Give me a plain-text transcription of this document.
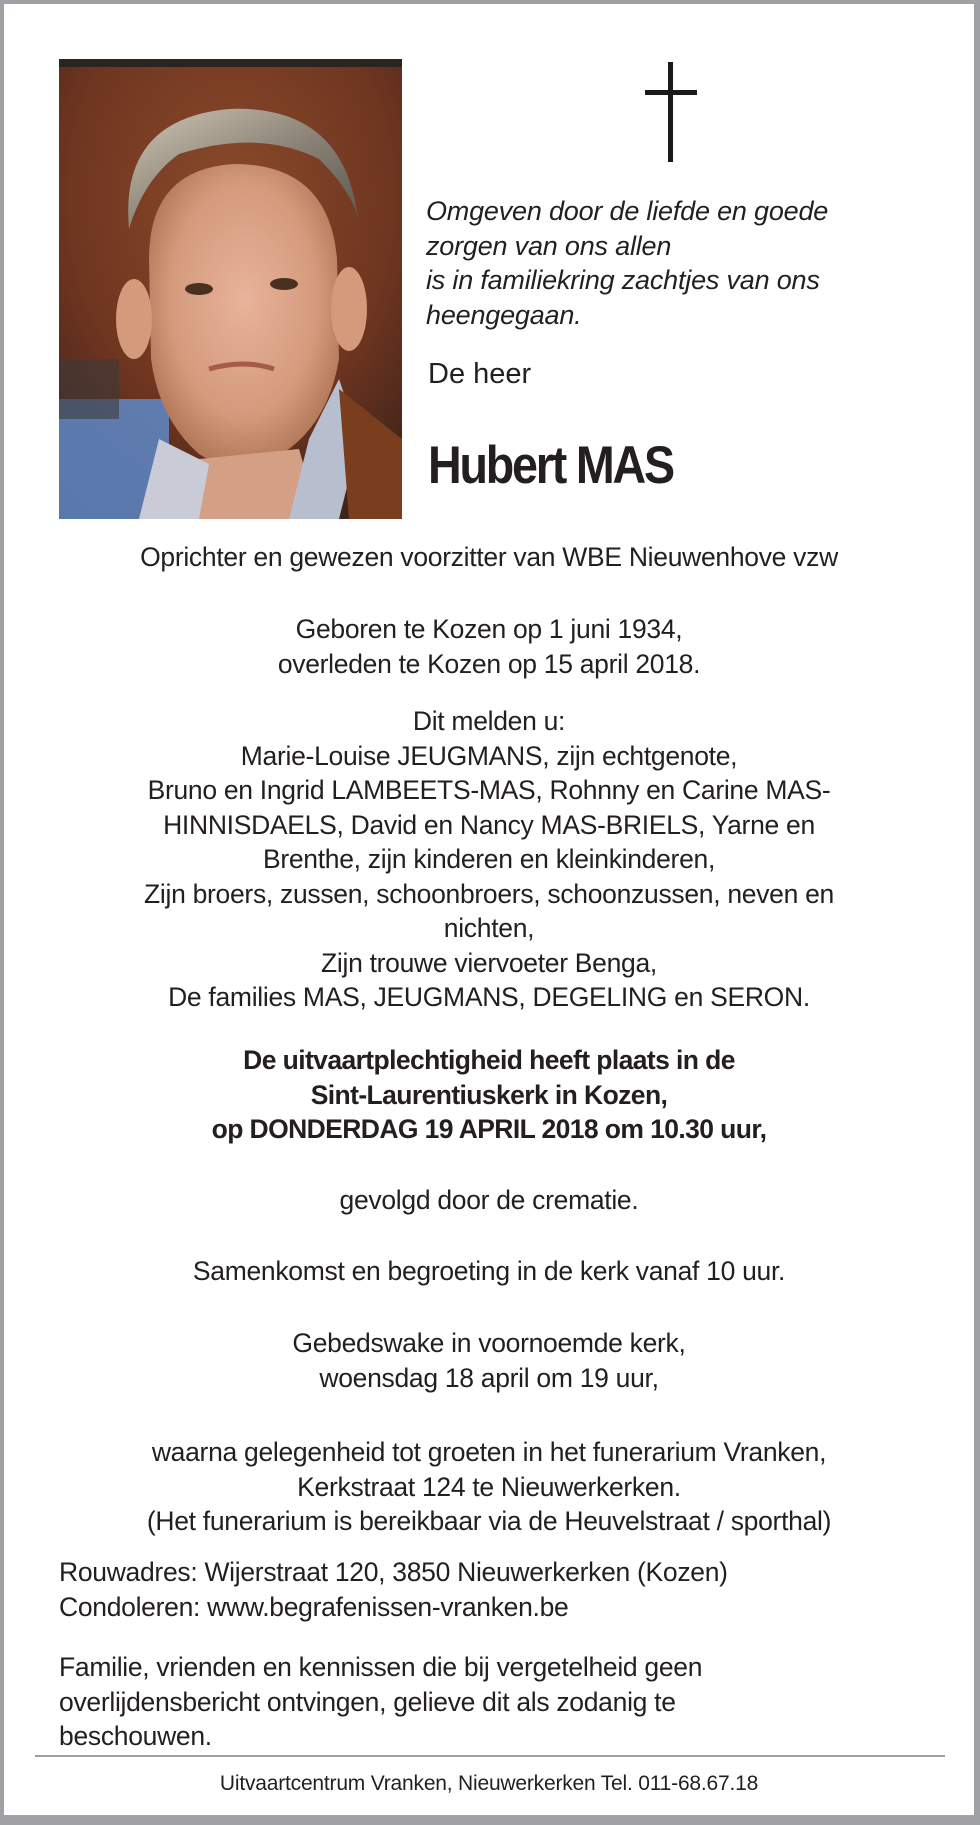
Omgeven door de liefde en goede
zorgen van ons allen
is in familiekring zachtjes van ons
heengegaan.
De heer
Hubert MAS
Oprichter en gewezen voorzitter van WBE Nieuwenhove vzw
Geboren te Kozen op 1 juni 1934,
overleden te Kozen op 15 april 2018.
Dit melden u:
Marie-Louise JEUGMANS, zijn echtgenote,
Bruno en Ingrid LAMBEETS-MAS, Rohnny en Carine MAS-
HINNISDAELS, David en Nancy MAS-BRIELS, Yarne en
Brenthe, zijn kinderen en kleinkinderen,
Zijn broers, zussen, schoonbroers, schoonzussen, neven en
nichten,
Zijn trouwe viervoeter Benga,
De families MAS, JEUGMANS, DEGELING en SERON.
De uitvaartplechtigheid heeft plaats in de
Sint-Laurentiuskerk in Kozen,
op DONDERDAG 19 APRIL 2018 om 10.30 uur,
gevolgd door de crematie.
Samenkomst en begroeting in de kerk vanaf 10 uur.
Gebedswake in voornoemde kerk,
woensdag 18 april om 19 uur,
waarna gelegenheid tot groeten in het funerarium Vranken,
Kerkstraat 124 te Nieuwerkerken.
(Het funerarium is bereikbaar via de Heuvelstraat / sporthal)
Rouwadres: Wijerstraat 120, 3850 Nieuwerkerken (Kozen)
Condoleren: www.begrafenissen-vranken.be
Familie, vrienden en kennissen die bij vergetelheid geen
overlijdensbericht ontvingen, gelieve dit als zodanig te
beschouwen.
Uitvaartcentrum Vranken, Nieuwerkerken Tel. 011-68.67.18
